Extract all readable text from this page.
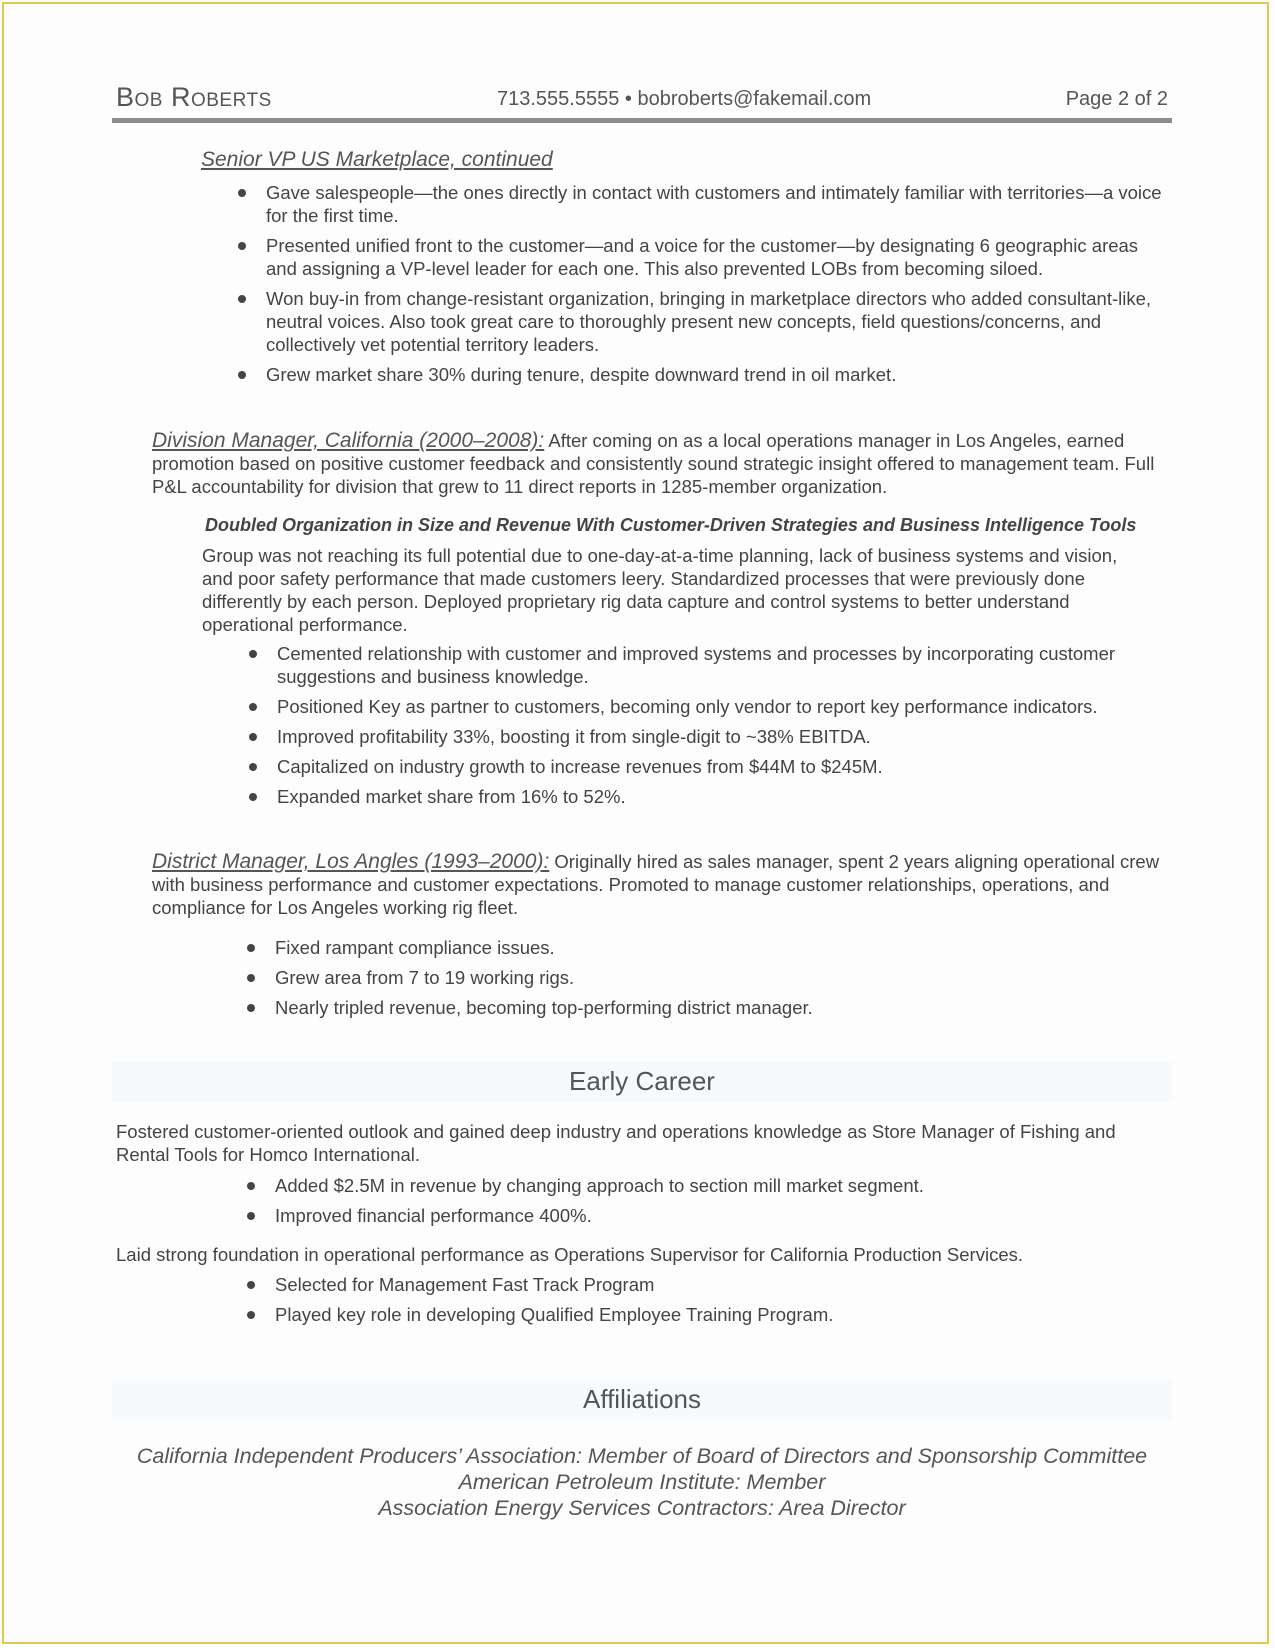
Bob Roberts	713.555.5555 • bobroberts@fakemail.com	Page 2 of 2
Senior VP US Marketplace, continued
Gave salespeople—the ones directly in contact with customers and intimately familiar with territories—a voice for the first time.
Presented unified front to the customer—and a voice for the customer—by designating 6 geographic areas and assigning a VP-level leader for each one. This also prevented LOBs from becoming siloed.
Won buy-in from change-resistant organization, bringing in marketplace directors who added consultant-like, neutral voices. Also took great care to thoroughly present new concepts, field questions/concerns, and collectively vet potential territory leaders.
Grew market share 30% during tenure, despite downward trend in oil market.
Division Manager, California (2000–2008): After coming on as a local operations manager in Los Angeles, earned promotion based on positive customer feedback and consistently sound strategic insight offered to management team. Full P&L accountability for division that grew to 11 direct reports in 1285-member organization.
Doubled Organization in Size and Revenue With Customer-Driven Strategies and Business Intelligence Tools
Group was not reaching its full potential due to one-day-at-a-time planning, lack of business systems and vision, and poor safety performance that made customers leery. Standardized processes that were previously done differently by each person. Deployed proprietary rig data capture and control systems to better understand operational performance.
Cemented relationship with customer and improved systems and processes by incorporating customer suggestions and business knowledge.
Positioned Key as partner to customers, becoming only vendor to report key performance indicators.
Improved profitability 33%, boosting it from single-digit to ~38% EBITDA.
Capitalized on industry growth to increase revenues from $44M to $245M.
Expanded market share from 16% to 52%.
District Manager, Los Angles (1993–2000): Originally hired as sales manager, spent 2 years aligning operational crew with business performance and customer expectations. Promoted to manage customer relationships, operations, and compliance for Los Angeles working rig fleet.
Fixed rampant compliance issues.
Grew area from 7 to 19 working rigs.
Nearly tripled revenue, becoming top-performing district manager.
Early Career
Fostered customer-oriented outlook and gained deep industry and operations knowledge as Store Manager of Fishing and Rental Tools for Homco International.
Added $2.5M in revenue by changing approach to section mill market segment.
Improved financial performance 400%.
Laid strong foundation in operational performance as Operations Supervisor for California Production Services.
Selected for Management Fast Track Program
Played key role in developing Qualified Employee Training Program.
Affiliations
California Independent Producers’ Association: Member of Board of Directors and Sponsorship Committee
American Petroleum Institute: Member
Association Energy Services Contractors: Area Director
